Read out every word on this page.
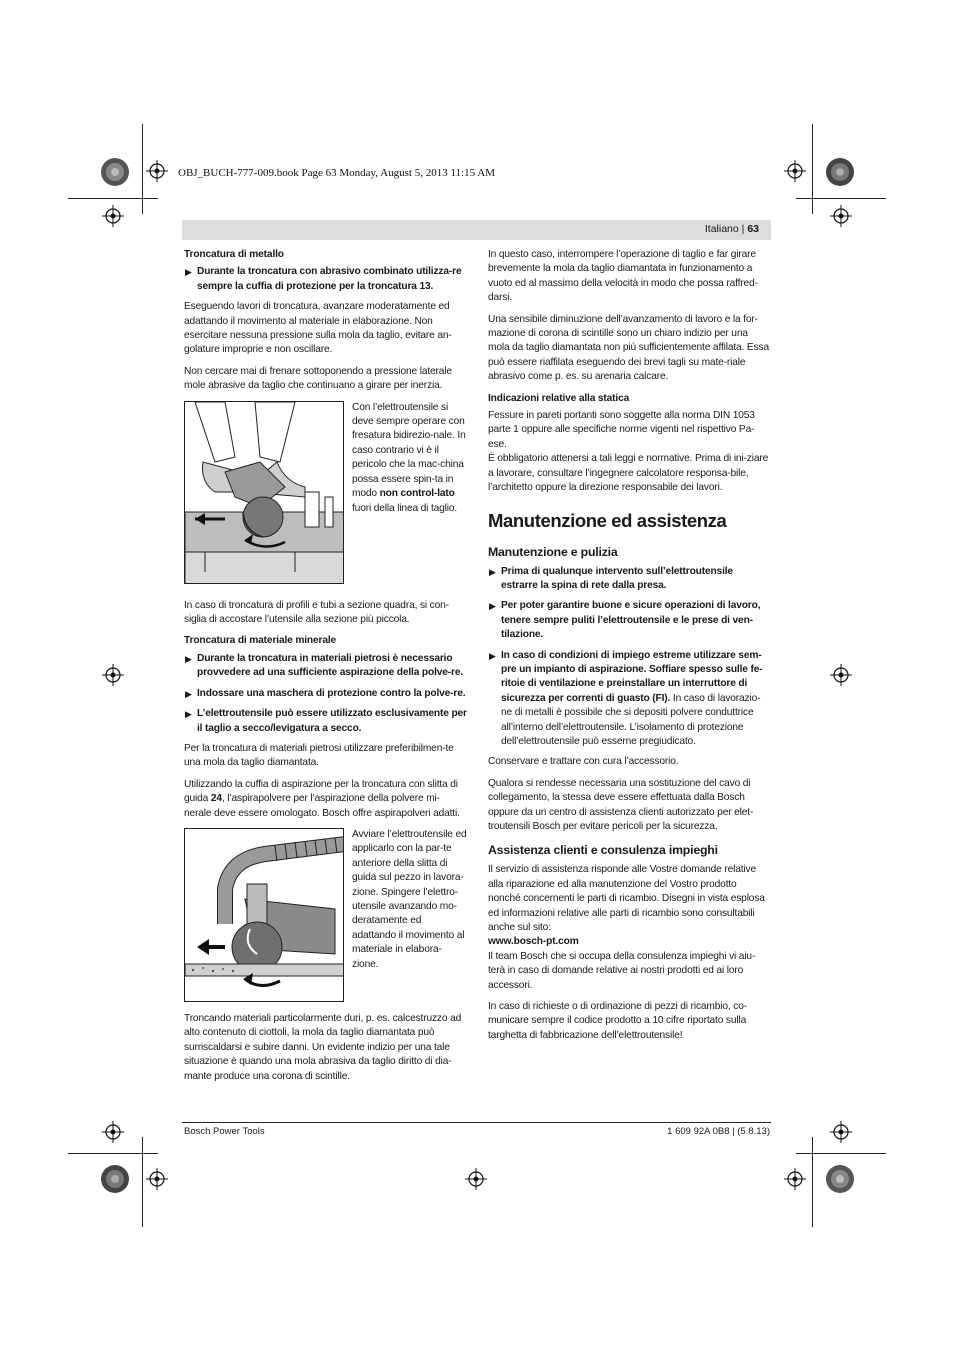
OBJ_BUCH-777-009.book Page 63 Monday, August 5, 2013 11:15 AM
Italiano | 63
Troncatura di metallo
▶ Durante la troncatura con abrasivo combinato utilizza-re sempre la cuffia di protezione per la troncatura 13.

Eseguendo lavori di troncatura, avanzare moderatamente ed adattando il movimento al materiale in elaborazione. Non esercitare nessuna pressione sulla mola da taglio, evitare an-golature improprie e non oscillare.

Non cercare mai di frenare sottoponendo a pressione laterale mole abrasive da taglio che continuano a girare per inerzia.

Con l’elettroutensile si deve sempre operare con fresatura bidirezio-nale. In caso contrario vi è il pericolo che la mac-china possa essere spin-ta in modo non control-lato fuori della linea di taglio.

In caso di troncatura di profili e tubi a sezione quadra, si con-siglia di accostare l’utensile alla sezione più piccola.

Troncatura di materiale minerale
▶ Durante la troncatura in materiali pietrosi è necessario provvedere ad una sufficiente aspirazione della polve-re.
▶ Indossare una maschera di protezione contro la polve-re.
▶ L’elettroutensile può essere utilizzato esclusivamente per il taglio a secco/levigatura a secco.

Per la troncatura di materiali pietrosi utilizzare preferibilmen-te una mola da taglio diamantata.

Utilizzando la cuffia di aspirazione per la troncatura con slitta di guida 24, l’aspirapolvere per l’aspirazione della polvere mi-nerale deve essere omologato. Bosch offre aspirapolveri adatti.

Avviare l’elettroutensile ed applicarlo con la par-te anteriore della slitta di guida sul pezzo in lavora-zione. Spingere l’elettro-utensile avanzando mo-deratamente ed adattando il movimento al materiale in elabora-zione.

Troncando materiali particolarmente duri, p. es. calcestruzzo ad alto contenuto di ciottoli, la mola da taglio diamantata può surriscaldarsi e subire danni. Un evidente indizio per una tale situazione è quando una mola abrasiva da taglio diritto di dia-mante produce una corona di scintille.

In questo caso, interrompere l’operazione di taglio e far girare brevemente la mola da taglio diamantata in funzionamento a vuoto ed al massimo della velocità in modo che possa raffred-darsi.

Una sensibile diminuzione dell’avanzamento di lavoro e la for-mazione di corona di scintille sono un chiaro indizio per una mola da taglio diamantata non più sufficientemente affilata. Essa può essere riaffilata eseguendo dei brevi tagli su mate-riale abrasivo come p. es. su arenaria calcare.

Indicazioni relative alla statica

Fessure in pareti portanti sono soggette alla norma DIN 1053 parte 1 oppure alle specifiche norme vigenti nel rispettivo Pa-ese.

È obbligatorio attenersi a tali leggi e normative. Prima di ini-ziare a lavorare, consultare l’ingegnere calcolatore responsa-bile, l’architetto oppure la direzione responsabile dei lavori.

Manutenzione ed assistenza
Manutenzione e pulizia
▶ Prima di qualunque intervento sull’elettroutensile estrarre la spina di rete dalla presa.
▶ Per poter garantire buone e sicure operazioni di lavoro, tenere sempre puliti l’elettroutensile e le prese di ven-tilazione.
▶ In caso di condizioni di impiego estreme utilizzare sem-pre un impianto di aspirazione. Soffiare spesso sulle fe-ritoie di ventilazione e preinstallare un interruttore di sicurezza per correnti di guasto (FI). In caso di lavorazio-ne di metalli è possibile che si depositi polvere conduttrice all’interno dell’elettroutensile. L’isolamento di protezione dell’elettroutensile può esserne pregiudicato.

Conservare e trattare con cura l’accessorio.

Qualora si rendesse necessaria una sostituzione del cavo di collegamento, la stessa deve essere effettuata dalla Bosch oppure da un centro di assistenza clienti autorizzato per elet-troutensili Bosch per evitare pericoli per la sicurezza.

Assistenza clienti e consulenza impieghi

Il servizio di assistenza risponde alle Vostre domande relative alla riparazione ed alla manutenzione del Vostro prodotto nonché concernenti le parti di ricambio. Disegni in vista esplosa ed informazioni relative alle parti di ricambio sono consultabili anche sul sito:

www.bosch-pt.com

Il team Bosch che si occupa della consulenza impieghi vi aiu-terà in caso di domande relative ai nostri prodotti ed ai loro accessori.

In caso di richieste o di ordinazione di pezzi di ricambio, co-municare sempre il codice prodotto a 10 cifre riportato sulla targhetta di fabbricazione dell’elettroutensile!

Bosch Power Tools	1 609 92A 0B8 | (5.8.13)
